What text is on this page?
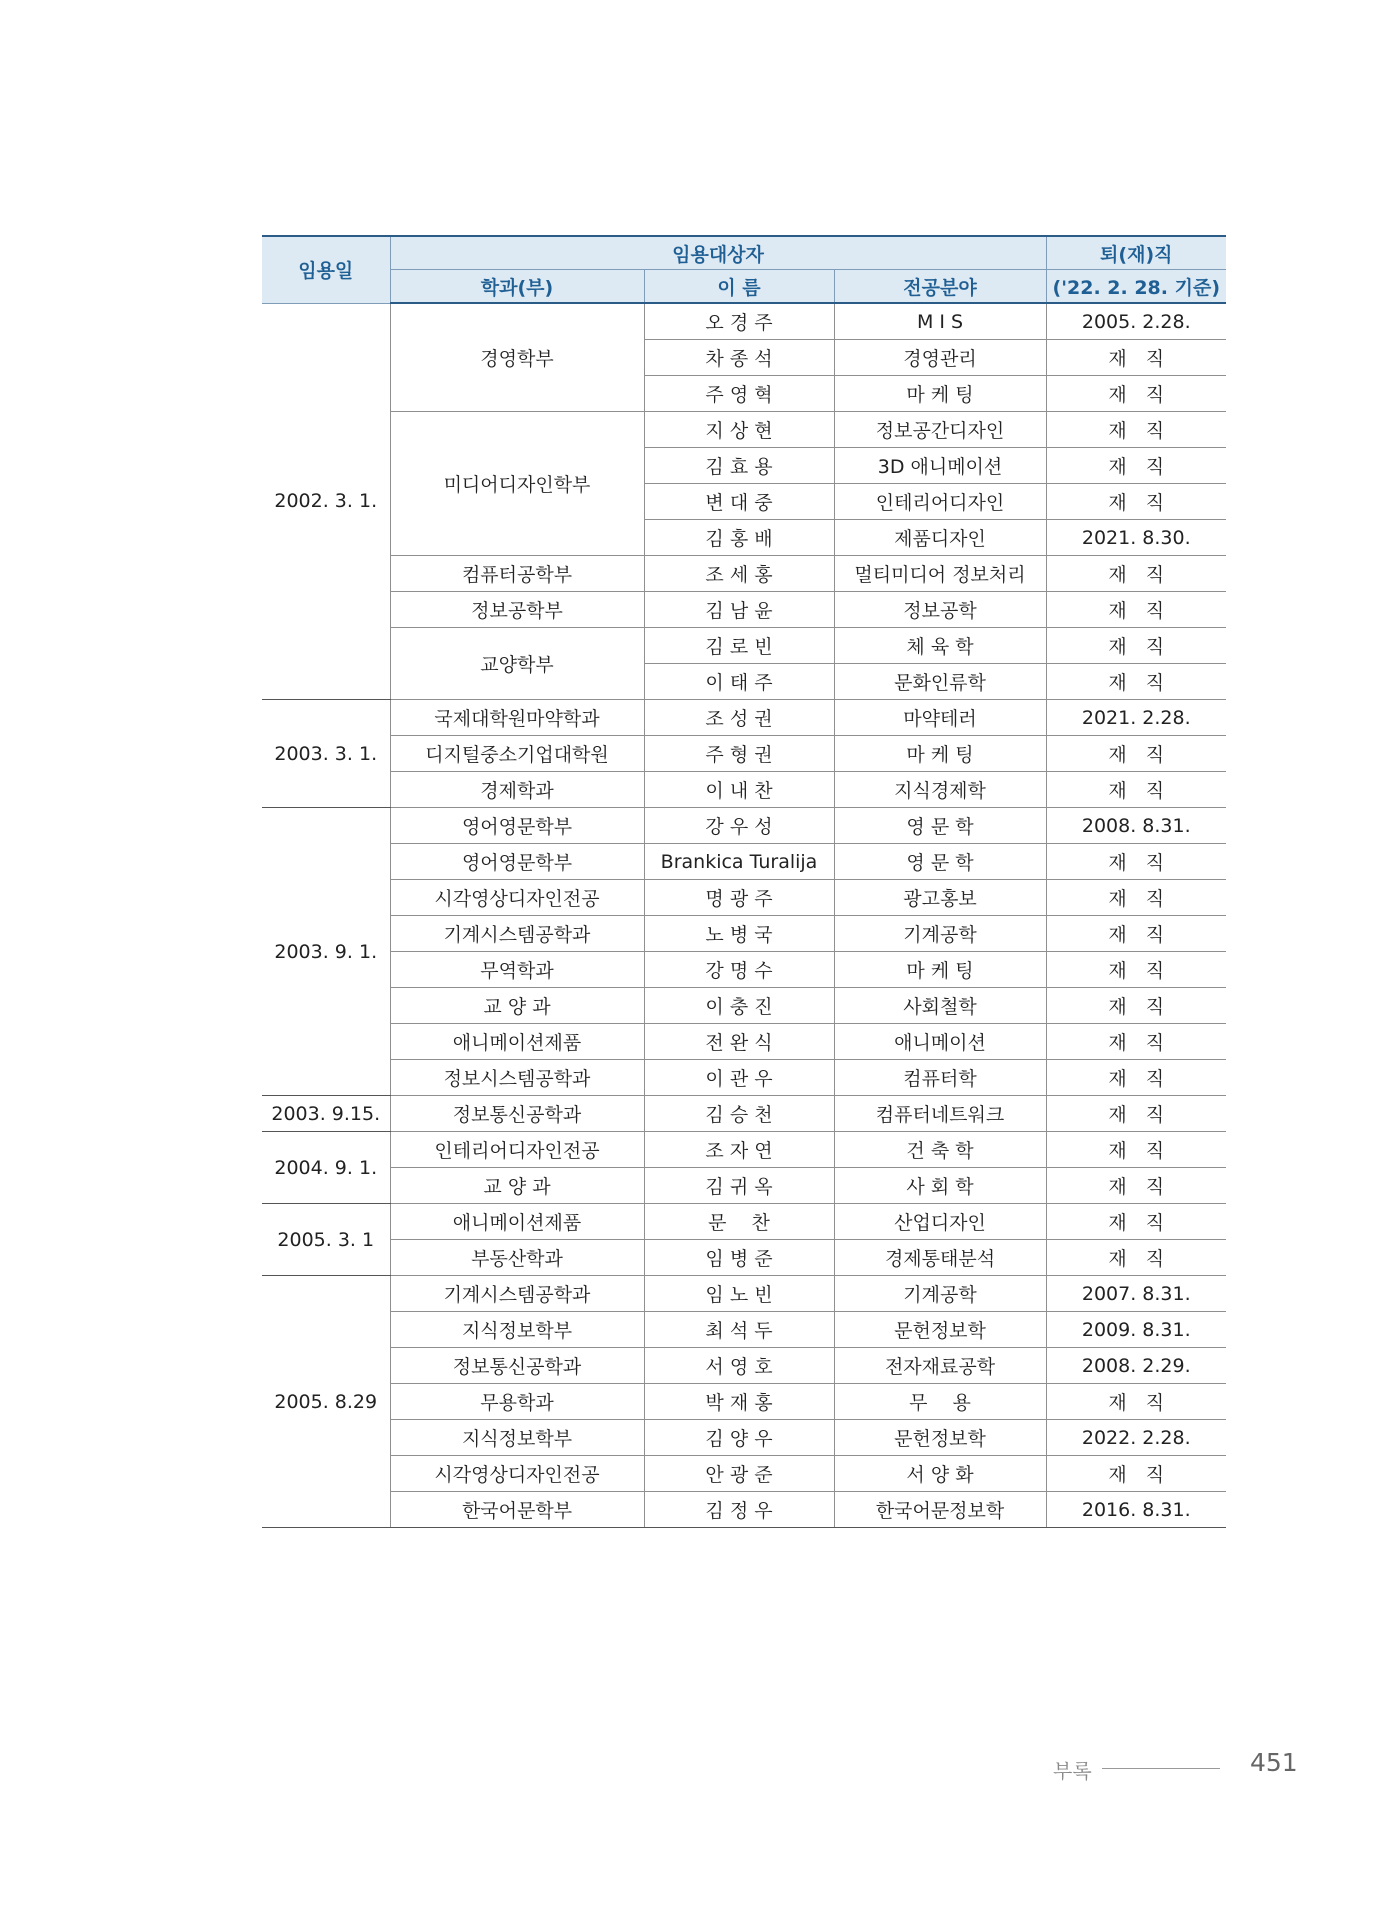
임용일	임용대상자			퇴(재)직
	학과(부)	이 름	전공분야	('22. 2. 28. 기준)
2002. 3. 1.	경영학부	오 경 주	M I S	2005. 2.28.
		차 종 석	경영관리	재　직
		주 영 혁	마 케 팅	재　직
	미디어디자인학부	지 상 현	정보공간디자인	재　직
		김 효 용	3D 애니메이션	재　직
		변 대 중	인테리어디자인	재　직
		김 홍 배	제품디자인	2021. 8.30.
	컴퓨터공학부	조 세 홍	멀티미디어 정보처리	재　직
	정보공학부	김 남 윤	정보공학	재　직
	교양학부	김 로 빈	체 육 학	재　직
		이 태 주	문화인류학	재　직
2003. 3. 1.	국제대학원마약학과	조 성 권	마약테러	2021. 2.28.
	디지털중소기업대학원	주 형 권	마 케 팅	재　직
	경제학과	이 내 찬	지식경제학	재　직
2003. 9. 1.	영어영문학부	강 우 성	영 문 학	2008. 8.31.
	영어영문학부	Brankica Turalija	영 문 학	재　직
	시각영상디자인전공	명 광 주	광고홍보	재　직
	기계시스템공학과	노 병 국	기계공학	재　직
	무역학과	강 명 수	마 케 팅	재　직
	교 양 과	이 충 진	사회철학	재　직
	애니메이션제품	전 완 식	애니메이션	재　직
	정보시스템공학과	이 관 우	컴퓨터학	재　직
2003. 9.15.	정보통신공학과	김 승 천	컴퓨터네트워크	재　직
2004. 9. 1.	인테리어디자인전공	조 자 연	건 축 학	재　직
	교 양 과	김 귀 옥	사 회 학	재　직
2005. 3. 1	애니메이션제품	문　 찬	산업디자인	재　직
	부동산학과	임 병 준	경제통태분석	재　직
2005. 8.29	기계시스템공학과	임 노 빈	기계공학	2007. 8.31.
	지식정보학부	최 석 두	문헌정보학	2009. 8.31.
	정보통신공학과	서 영 호	전자재료공학	2008. 2.29.
	무용학과	박 재 홍	무　 용	재　직
	지식정보학부	김 양 우	문헌정보학	2022. 2.28.
	시각영상디자인전공	안 광 준	서 양 화	재　직
	한국어문학부	김 정 우	한국어문정보학	2016. 8.31.
부록	451
